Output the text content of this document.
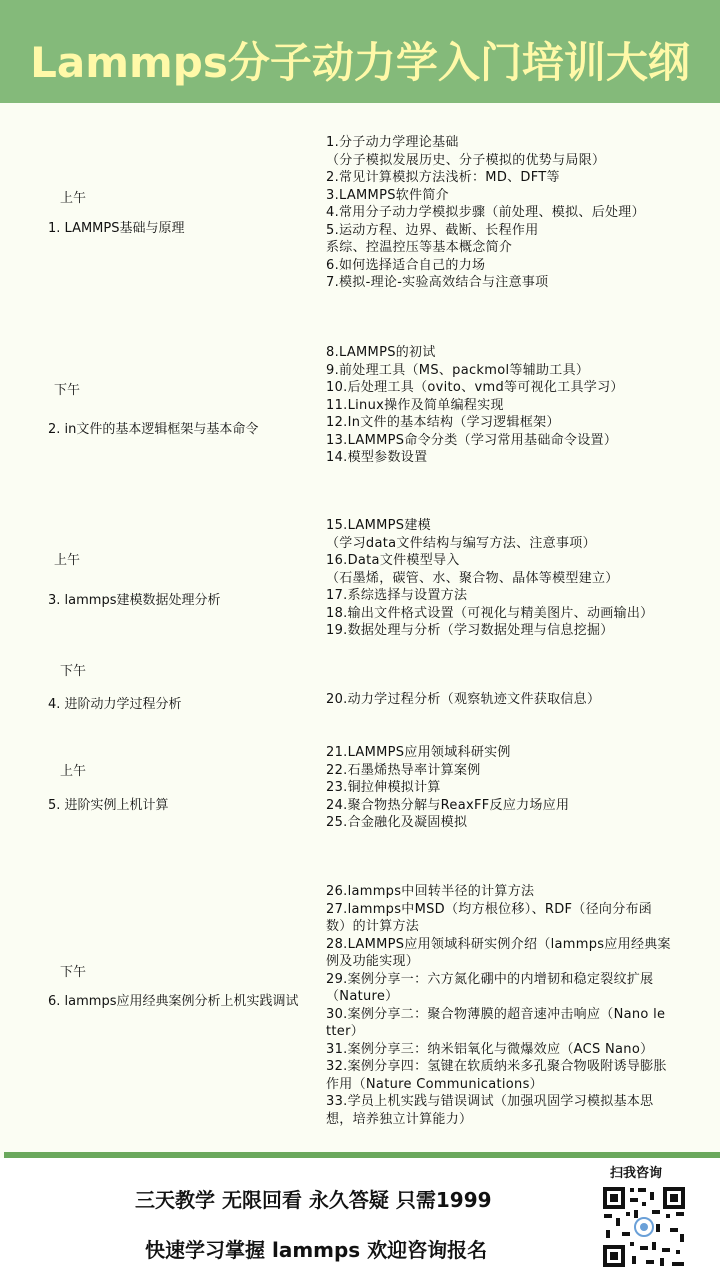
Lammps分子动力学入门培训大纲
上午
1. LAMMPS基础与原理
1.分子动力学理论基础
（分子模拟发展历史、分子模拟的优势与局限）
2.常见计算模拟方法浅析：MD、DFT等
3.LAMMPS软件简介
4.常用分子动力学模拟步骤（前处理、模拟、后处理）
5.运动方程、边界、截断、长程作用
系综、控温控压等基本概念简介
6.如何选择适合自己的力场
7.模拟-理论-实验高效结合与注意事项
下午
2. in文件的基本逻辑框架与基本命令
8.LAMMPS的初试
9.前处理工具（MS、packmol等辅助工具）
10.后处理工具（ovito、vmd等可视化工具学习）
11.Linux操作及简单编程实现
12.In文件的基本结构（学习逻辑框架）
13.LAMMPS命令分类（学习常用基础命令设置）
14.模型参数设置
上午
3. lammps建模数据处理分析
15.LAMMPS建模
（学习data文件结构与编写方法、注意事项）
16.Data文件模型导入
（石墨烯，碳管、水、聚合物、晶体等模型建立）
17.系综选择与设置方法
18.输出文件格式设置（可视化与精美图片、动画输出）
19.数据处理与分析（学习数据处理与信息挖掘）
下午
4. 进阶动力学过程分析	20.动力学过程分析（观察轨迹文件获取信息）
上午
5. 进阶实例上机计算
21.LAMMPS应用领域科研实例
22.石墨烯热导率计算案例
23.铜拉伸模拟计算
24.聚合物热分解与ReaxFF反应力场应用
25.合金融化及凝固模拟
下午
6. lammps应用经典案例分析上机实践调试
26.lammps中回转半径的计算方法
27.lammps中MSD（均方根位移）、RDF（径向分布函
数）的计算方法
28.LAMMPS应用领域科研实例介绍（lammps应用经典案
例及功能实现）
29.案例分享一：六方氮化硼中的内增韧和稳定裂纹扩展
（Nature）
30.案例分享二：聚合物薄膜的超音速冲击响应（Nano le
tter）
31.案例分享三：纳米铝氧化与微爆效应（ACS Nano）
32.案例分享四：氢键在软质纳米多孔聚合物吸附诱导膨胀
作用（Nature Communications）
33.学员上机实践与错误调试（加强巩固学习模拟基本思
想，培养独立计算能力）
三天教学 无限回看 永久答疑 只需1999
快速学习掌握 lammps 欢迎咨询报名
扫我咨询
